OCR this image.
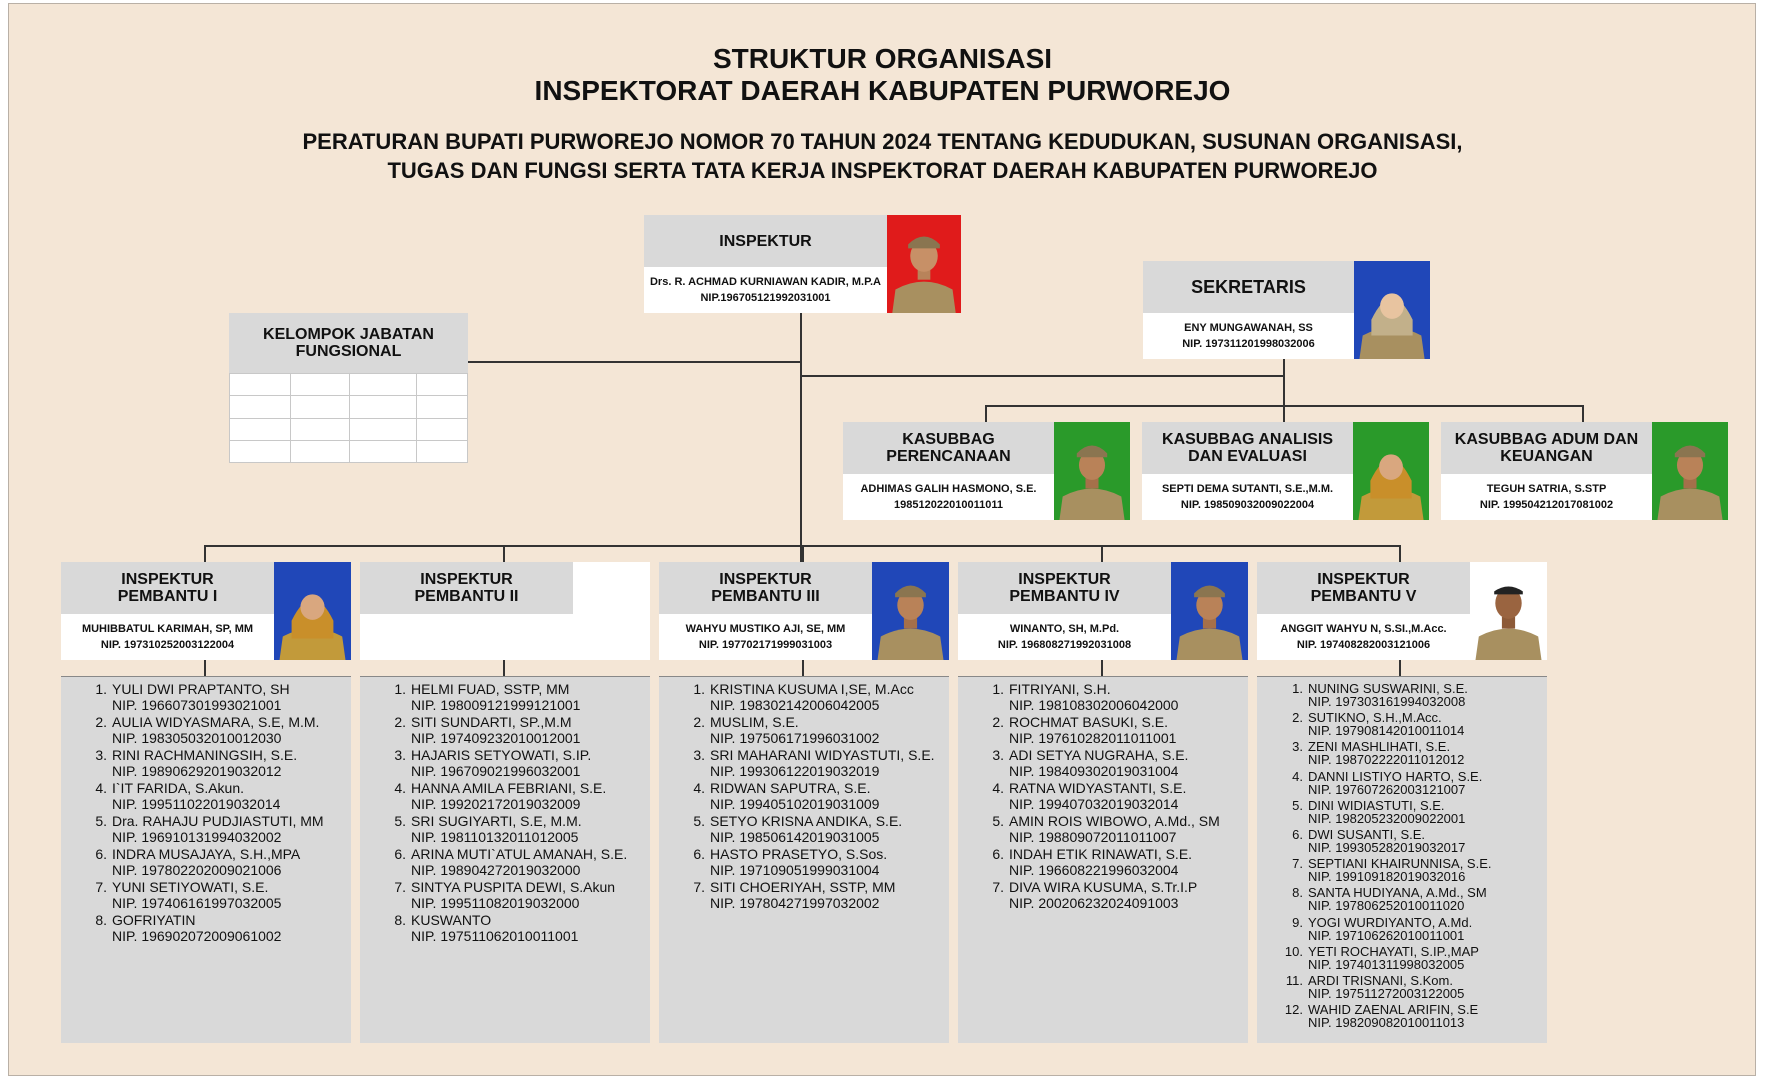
STRUKTUR ORGANISASI
INSPEKTORAT DAERAH KABUPATEN PURWOREJO
PERATURAN BUPATI PURWOREJO NOMOR 70 TAHUN 2024 TENTANG KEDUDUKAN, SUSUNAN ORGANISASI,
TUGAS DAN FUNGSI SERTA TATA KERJA INSPEKTORAT DAERAH KABUPATEN PURWOREJO
INSPEKTUR
Drs. R. ACHMAD KURNIAWAN KADIR, M.P.A
NIP.196705121992031001
SEKRETARIS
ENY MUNGAWANAH, SS
NIP. 197311201998032006
KELOMPOK JABATAN
FUNGSIONAL

KASUBBAG
PERENCANAAN
ADHIMAS GALIH HASMONO, S.E.
198512022010011011
KASUBBAG ANALISIS
DAN EVALUASI
SEPTI DEMA SUTANTI, S.E.,M.M.
NIP. 198509032009022004
KASUBBAG ADUM DAN
KEUANGAN
TEGUH SATRIA, S.STP
NIP. 199504212017081002
INSPEKTUR
PEMBANTU I
MUHIBBATUL KARIMAH, SP, MM
NIP. 197310252003122004
1. YULI DWI PRAPTANTO, SH
NIP. 196607301993021001
2. AULIA WIDYASMARA, S.E, M.M.
NIP. 198305032010012030
3. RINI RACHMANINGSIH, S.E.
NIP. 198906292019032012
4. I`IT FARIDA, S.Akun.
NIP. 199511022019032014
5. Dra. RAHAJU PUDJIASTUTI, MM
NIP. 196910131994032002
6. INDRA MUSAJAYA, S.H.,MPA
NIP. 197802202009021006
7. YUNI SETIYOWATI, S.E.
NIP. 197406161997032005
8. GOFRIYATIN
NIP. 196902072009061002
INSPEKTUR
PEMBANTU II
1. HELMI FUAD, SSTP, MM
NIP. 198009121999121001
2. SITI SUNDARTI, SP.,M.M
NIP. 197409232010012001
3. HAJARIS SETYOWATI, S.IP.
NIP. 196709021996032001
4. HANNA AMILA FEBRIANI, S.E.
NIP. 199202172019032009
5. SRI SUGIYARTI, S.E, M.M.
NIP. 198110132011012005
6. ARINA MUTI`ATUL AMANAH, S.E.
NIP. 198904272019032000
7. SINTYA PUSPITA DEWI, S.Akun
NIP. 199511082019032000
8. KUSWANTO
NIP. 197511062010011001
INSPEKTUR
PEMBANTU III
WAHYU MUSTIKO AJI, SE, MM
NIP. 197702171999031003
1. KRISTINA KUSUMA I,SE, M.Acc
NIP. 198302142006042005
2. MUSLIM, S.E.
NIP. 197506171996031002
3. SRI MAHARANI WIDYASTUTI, S.E.
NIP. 199306122019032019
4. RIDWAN SAPUTRA, S.E.
NIP. 199405102019031009
5. SETYO KRISNA ANDIKA, S.E.
NIP. 198506142019031005
6. HASTO PRASETYO, S.Sos.
NIP. 197109051999031004
7. SITI CHOERIYAH, SSTP, MM
NIP. 197804271997032002
INSPEKTUR
PEMBANTU IV
WINANTO, SH, M.Pd.
NIP. 196808271992031008
1. FITRIYANI, S.H.
NIP. 198108302006042000
2. ROCHMAT BASUKI, S.E.
NIP. 197610282011011001
3. ADI SETYA NUGRAHA, S.E.
NIP. 198409302019031004
4. RATNA WIDYASTANTI, S.E.
NIP. 199407032019032014
5. AMIN ROIS WIBOWO, A.Md., SM
NIP. 198809072011011007
6. INDAH ETIK RINAWATI, S.E.
NIP. 196608221996032004
7. DIVA WIRA KUSUMA, S.Tr.I.P
NIP. 200206232024091003
INSPEKTUR
PEMBANTU V
ANGGIT WAHYU N, S.SI.,M.Acc.
NIP. 197408282003121006
1. NUNING SUSWARINI, S.E.
NIP. 197303161994032008
2. SUTIKNO, S.H.,M.Acc.
NIP. 197908142010011014
3. ZENI MASHLIHATI, S.E.
NIP. 198702222011012012
4. DANNI LISTIYO HARTO, S.E.
NIP. 197607262003121007
5. DINI WIDIASTUTI, S.E.
NIP. 198205232009022001
6. DWI SUSANTI, S.E.
NIP. 199305282019032017
7. SEPTIANI KHAIRUNNISA, S.E.
NIP. 199109182019032016
8. SANTA HUDIYANA, A.Md., SM
NIP. 197806252010011020
9. YOGI WURDIYANTO, A.Md.
NIP. 197106262010011001
10. YETI ROCHAYATI, S.IP.,MAP
NIP. 197401311998032005
11. ARDI TRISNANI, S.Kom.
NIP. 197511272003122005
12. WAHID ZAENAL ARIFIN, S.E
NIP. 198209082010011013
